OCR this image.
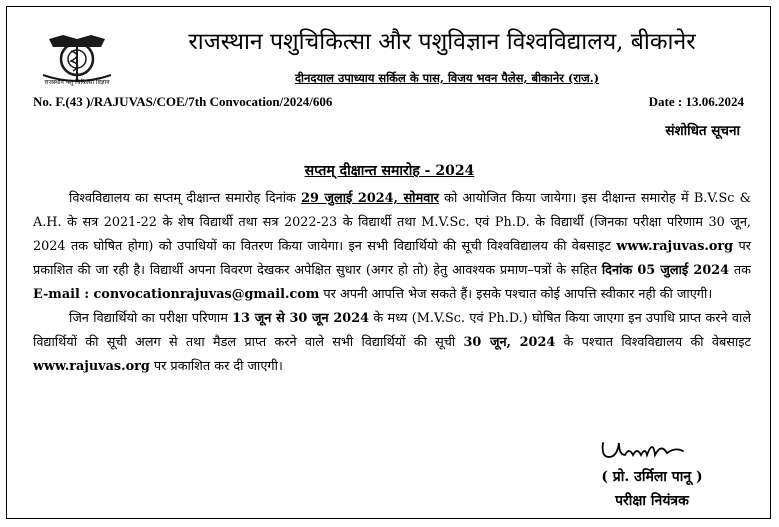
राजस्थान पशु चिकित्सा विज्ञान
राजस्थान पशुचिकित्सा और पशुविज्ञान विश्वविद्यालय, बीकानेर
दीनदयाल उपाध्याय सर्किल के पास, विजय भवन पैलेस, बीकानेर (राज.)
No. F.(43 )/RAJUVAS/COE/7th Convocation/2024/606	Date : 13.06.2024
संशोधित सूचना
सप्तम् दीक्षान्त समारोह - 2024

विश्वविद्यालय का सप्तम् दीक्षान्त समारोह दिनांक 29 जुलाई 2024, सोमवार को आयोजित किया जायेगा। इस दीक्षान्त समारोह में B.V.Sc & A.H. के सत्र 2021-22 के शेष विद्यार्थी तथा सत्र 2022-23 के विद्यार्थी तथा M.V.Sc. एवं Ph.D. के विद्यार्थी (जिनका परीक्षा परिणाम 30 जून, 2024 तक घोषित होगा) को उपाधियों का वितरण किया जायेगा। इन सभी विद्यार्थियो की सूची विश्वविद्यालय की वेबसाइट www.rajuvas.org पर प्रकाशित की जा रही है। विद्यार्थी अपना विवरण देखकर अपेक्षित सुधार (अगर हो तो) हेतु आवश्यक प्रमाण–पत्रों के सहित दिनांक 05 जुलाई 2024 तक E-mail : convocationrajuvas@gmail.com पर अपनी आपत्ति भेज सकते हैं। इसके पश्चात कोई आपत्ति स्वीकार नही की जाएगी।

जिन विद्यार्थियो का परीक्षा परिणाम 13 जून से 30 जून 2024 के मध्य (M.V.Sc. एवं Ph.D.) घोषित किया जाएगा इन उपाधि प्राप्त करने वाले विद्यार्थियों की सूची अलग से तथा मैडल प्राप्त करने वाले सभी विद्यार्थियों की सूची 30 जून, 2024 के पश्चात विश्वविद्यालय की वेबसाइट www.rajuvas.org पर प्रकाशित कर दी जाएगी।

( प्रो. उर्मिला पानू )
परीक्षा नियंत्रक
